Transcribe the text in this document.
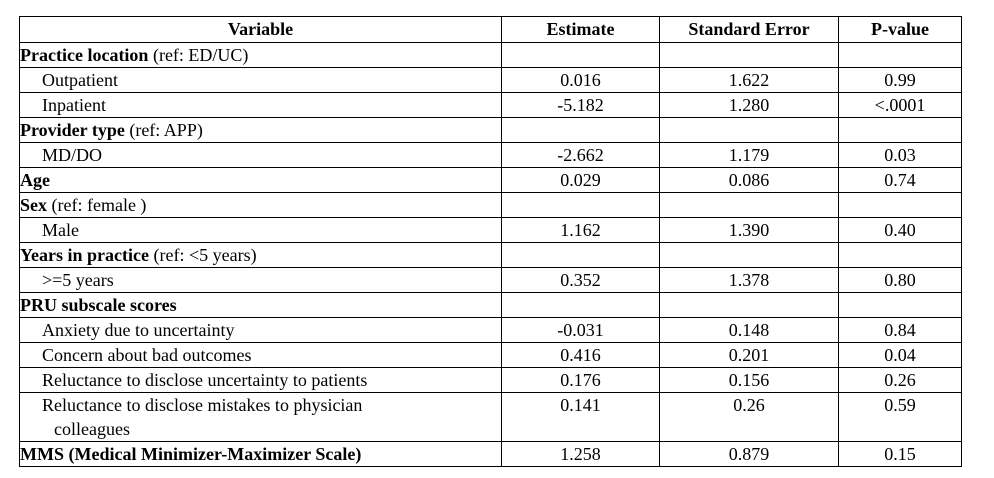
Variable	Estimate	Standard Error	P-value
Practice location (ref: ED/UC)			
Outpatient	0.016	1.622	0.99
Inpatient	-5.182	1.280	<.0001
Provider type (ref: APP)			
MD/DO	-2.662	1.179	0.03
Age	0.029	0.086	0.74
Sex (ref: female )			
Male	1.162	1.390	0.40
Years in practice (ref: <5 years)			
>=5 years	0.352	1.378	0.80
PRU subscale scores			
Anxiety due to uncertainty	-0.031	0.148	0.84
Concern about bad outcomes	0.416	0.201	0.04
Reluctance to disclose uncertainty to patients	0.176	0.156	0.26
Reluctance to disclose mistakes to physician
colleagues	0.141	0.26	0.59
MMS (Medical Minimizer-Maximizer Scale)	1.258	0.879	0.15
